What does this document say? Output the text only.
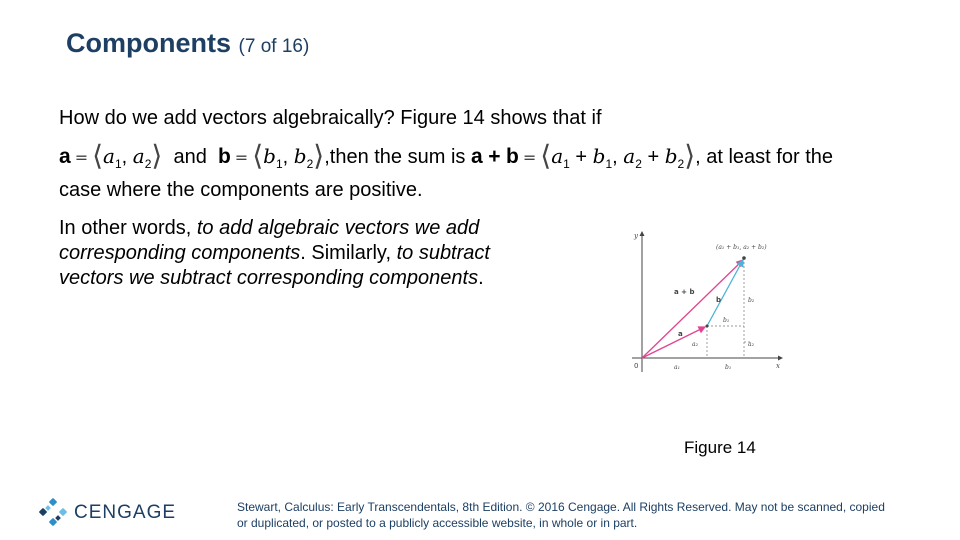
Components (7 of 16)
How do we add vectors algebraically? Figure 14 shows that if
$a = ⟨a_1$, $a_2⟩$ and $b = ⟨b_1$, $b_2⟩,then$ the sum is $a + b = ⟨a_1 + b_1$, $a_2$ + $b_2⟩$, at least for the
case where the components are positive.
In other words, to add algebraic vectors we add corresponding components. Similarly, to subtract vectors we subtract corresponding components.
y
x
0
(a₁ + b₁, a₂ + b₂)
a + b
b
a
b₂
b₁
a₂	a₂
a₁	b₁
Figure 14
CENGAGE	Stewart, Calculus: Early Transcendentals, 8th Edition. © 2016 Cengage. All Rights Reserved. May not be scanned, copied or duplicated, or posted to a publicly accessible website, in whole or in part.
